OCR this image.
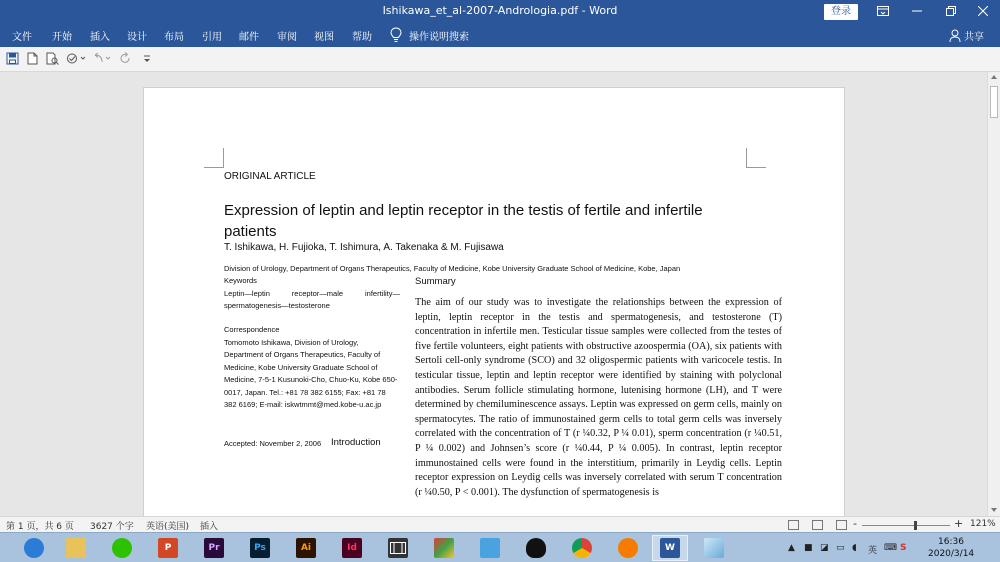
Ishikawa_et_al-2007-Andrologia.pdf - Word	登录
文件 开始 插入 设计 布局 引用 邮件 审阅 视图 帮助	操作说明搜索	共享
ORIGINAL ARTICLE
Expression of leptin and leptin receptor in the testis of fertile and infertile patients
T. Ishikawa, H. Fujioka, T. Ishimura, A. Takenaka & M. Fujisawa
Division of Urology, Department of Organs Therapeutics, Faculty of Medicine, Kobe University Graduate School of Medicine, Kobe, Japan
Keywords
Leptin—leptin receptor—male infertility—spermatogenesis—testosterone
Correspondence
Tomomoto Ishikawa, Division of Urology, Department of Organs Therapeutics, Faculty of Medicine, Kobe University Graduate School of Medicine, 7-5-1 Kusunoki-Cho, Chuo-Ku, Kobe 650-0017, Japan. Tel.: +81 78 382 6155; Fax: +81 78 382 6169; E-mail: iskwtmmt@med.kobe-u.ac.jp
Accepted: November 2, 2006 Introduction
Summary
The aim of our study was to investigate the relationships between the expression of leptin, leptin receptor in the testis and spermatogenesis, and testosterone (T) concentration in infertile men. Testicular tissue samples were collected from the testes of five fertile volunteers, eight patients with obstructive azoospermia (OA), six patients with Sertoli cell-only syndrome (SCO) and 32 oligospermic patients with varicocele testis. In testicular tissue, leptin and leptin receptor were identified by staining with polyclonal antibodies. Serum follicle stimulating hormone, lutenising hormone (LH), and T were determined by chemiluminescence assays. Leptin was expressed on germ cells, mainly on spermatocytes. The ratio of immunostained germ cells to total germ cells was inversely correlated with the concentration of T (r ¼0.32, P ¼ 0.01), sperm concentration (r ¼0.51, P ¼ 0.002) and Johnsen’s score (r ¼0.44, P ¼ 0.005). In contrast, leptin receptor immunostained cells were found in the interstitium, primarily in Leydig cells. Leptin receptor expression on Leydig cells was inversely correlated with serum T concentration (r ¼0.50, P < 0.001). The dysfunction of spermatogenesis is
第 1 页，共 6 页 3627 个字 英语(美国) 插入	-	+ 121%
P	Pr	Ps	Ai	Id	W	▲ ■ ◪ ▭ ◖ 英 ⌨ S
16:36
2020/3/14
